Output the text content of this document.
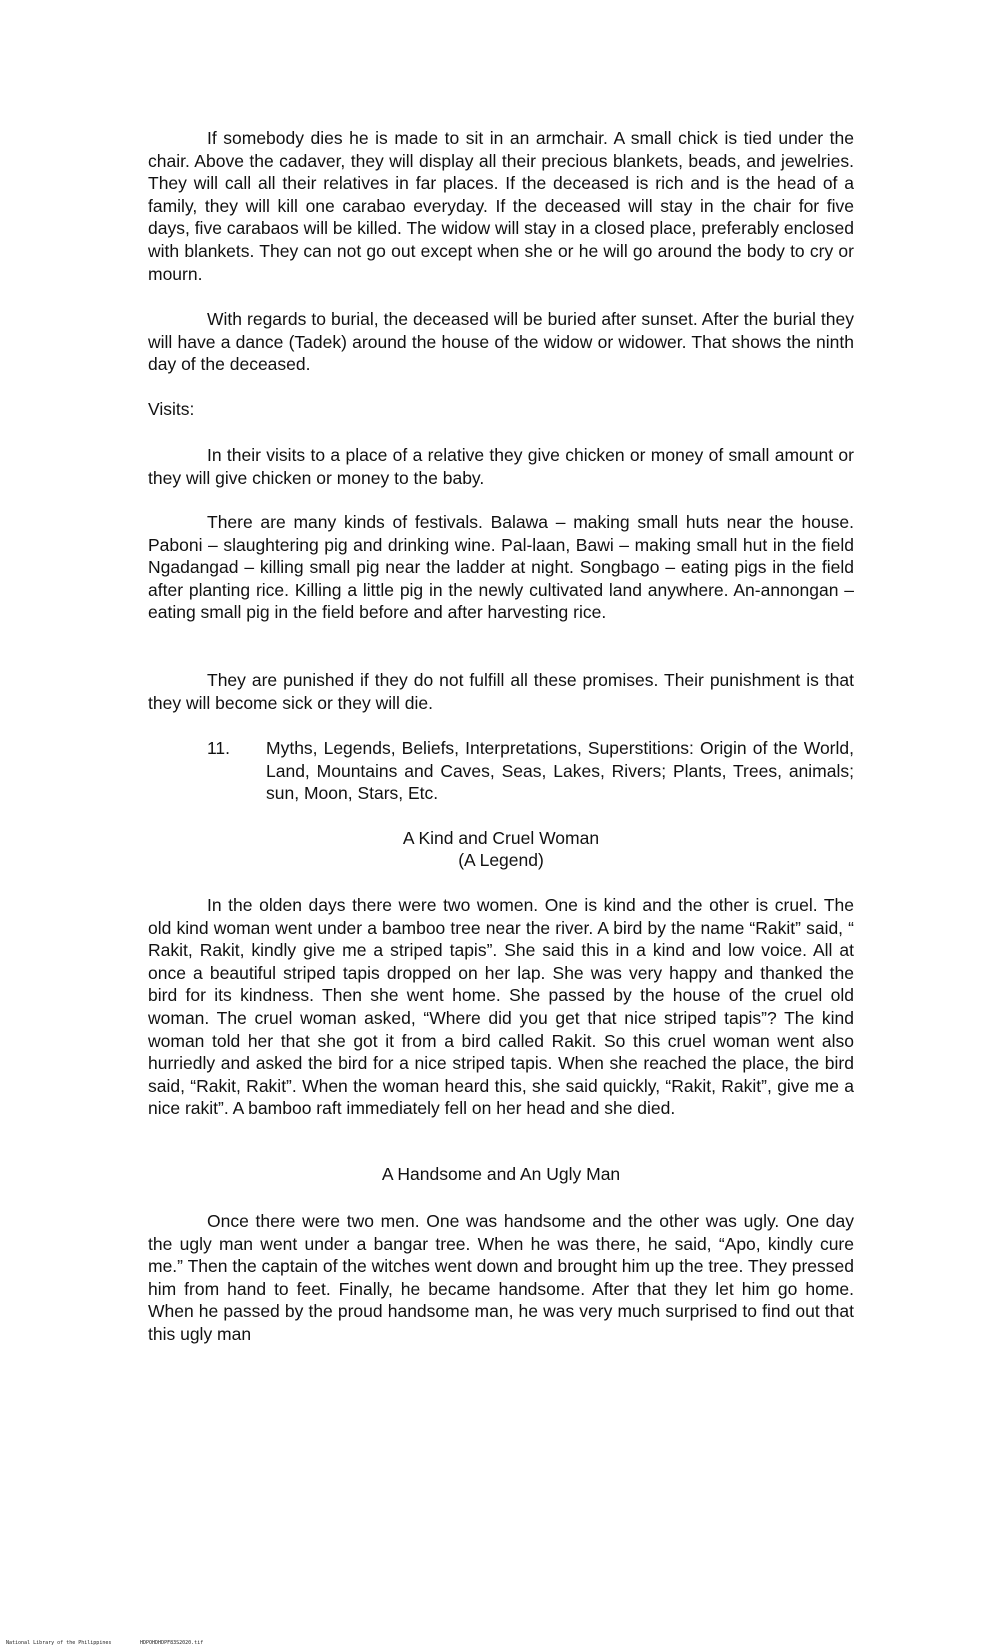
If somebody dies he is made to sit in an armchair. A small chick is tied under the chair. Above the cadaver, they will display all their precious blankets, beads, and jewelries. They will call all their relatives in far places. If the deceased is rich and is the head of a family, they will kill one carabao everyday. If the deceased will stay in the chair for five days, five carabaos will be killed. The widow will stay in a closed place, preferably enclosed with blankets. They can not go out except when she or he will go around the body to cry or mourn.

With regards to burial, the deceased will be buried after sunset. After the burial they will have a dance (Tadek) around the house of the widow or widower. That shows the ninth day of the deceased.

Visits:

In their visits to a place of a relative they give chicken or money of small amount or they will give chicken or money to the baby.

There are many kinds of festivals. Balawa – making small huts near the house. Paboni – slaughtering pig and drinking wine. Pal-laan, Bawi – making small hut in the field Ngadangad – killing small pig near the ladder at night. Songbago – eating pigs in the field after planting rice. Killing a little pig in the newly cultivated land anywhere. An-annongan – eating small pig in the field before and after harvesting rice.

They are punished if they do not fulfill all these promises. Their punishment is that they will become sick or they will die.

11. Myths, Legends, Beliefs, Interpretations, Superstitions: Origin of the World, Land, Mountains and Caves, Seas, Lakes, Rivers; Plants, Trees, animals; sun, Moon, Stars, Etc.

A Kind and Cruel Woman
(A Legend)

In the olden days there were two women. One is kind and the other is cruel. The old kind woman went under a bamboo tree near the river. A bird by the name “Rakit” said, “ Rakit, Rakit, kindly give me a striped tapis”. She said this in a kind and low voice. All at once a beautiful striped tapis dropped on her lap. She was very happy and thanked the bird for its kindness. Then she went home. She passed by the house of the cruel old woman. The cruel woman asked, “Where did you get that nice striped tapis”? The kind woman told her that she got it from a bird called Rakit. So this cruel woman went also hurriedly and asked the bird for a nice striped tapis. When she reached the place, the bird said, “Rakit, Rakit”. When the woman heard this, she said quickly, “Rakit, Rakit”, give me a nice rakit”. A bamboo raft immediately fell on her head and she died.

A Handsome and An Ugly Man

Once there were two men. One was handsome and the other was ugly. One day the ugly man went under a bangar tree. When he was there, he said, “Apo, kindly cure me.” Then the captain of the witches went down and brought him up the tree. They pressed him from hand to feet. Finally, he became handsome. After that they let him go home. When he passed by the proud handsome man, he was very much surprised to find out that this ugly man

National Library of the Philippines	HDPOHDHDPF83S2020.tif
